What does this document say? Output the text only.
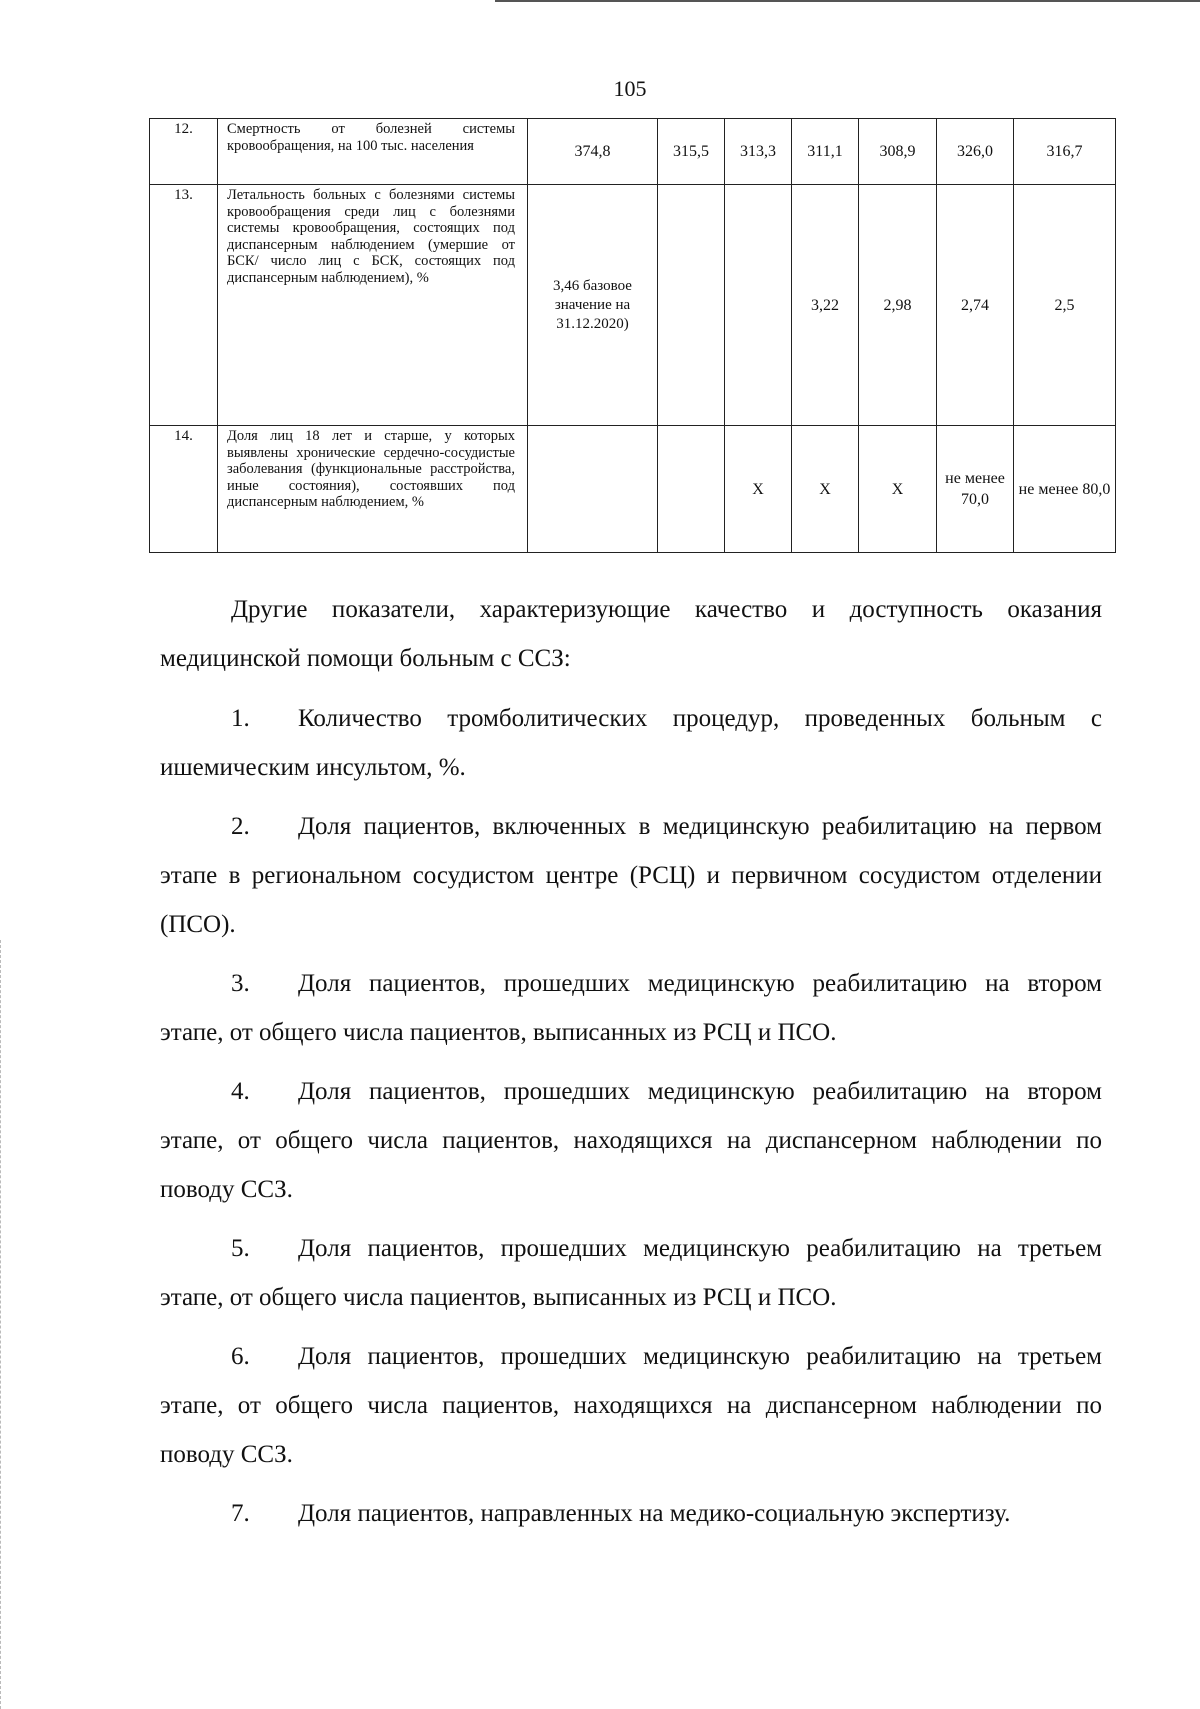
105
12.	Смертность от болезней системы кровообращения, на 100 тыс. населения	374,8	315,5	313,3	311,1	308,9	326,0	316,7
13.	Летальность больных с болезнями системы кровообращения среди лиц с болезнями системы кровообращения, состоящих под диспансерным наблюдением (умершие от БСК/ число лиц с БСК, состоящих под диспансерным наблюдением), %	3,46 базовое значение на 31.12.2020)			3,22	2,98	2,74	2,5
14.	Доля лиц 18 лет и старше, у которых выявлены хронические сердечно-сосудистые заболевания (функциональные расстройства, иные состояния), состоявших под диспансерным наблюдением, %			Х	Х	Х	не менее 70,0	не менее 80,0

Другие показатели, характеризующие качество и доступность оказания медицинской помощи больным с ССЗ:

1. Количество тромболитических процедур, проведенных больным с ишемическим инсультом, %.

2. Доля пациентов, включенных в медицинскую реабилитацию на первом этапе в региональном сосудистом центре (РСЦ) и первичном сосудистом отделении (ПСО).

3. Доля пациентов, прошедших медицинскую реабилитацию на втором этапе, от общего числа пациентов, выписанных из РСЦ и ПСО.

4. Доля пациентов, прошедших медицинскую реабилитацию на втором этапе, от общего числа пациентов, находящихся на диспансерном наблюдении по поводу ССЗ.

5. Доля пациентов, прошедших медицинскую реабилитацию на третьем этапе, от общего числа пациентов, выписанных из РСЦ и ПСО.

6. Доля пациентов, прошедших медицинскую реабилитацию на третьем этапе, от общего числа пациентов, находящихся на диспансерном наблюдении по поводу ССЗ.

7. Доля пациентов, направленных на медико-социальную экспертизу.
